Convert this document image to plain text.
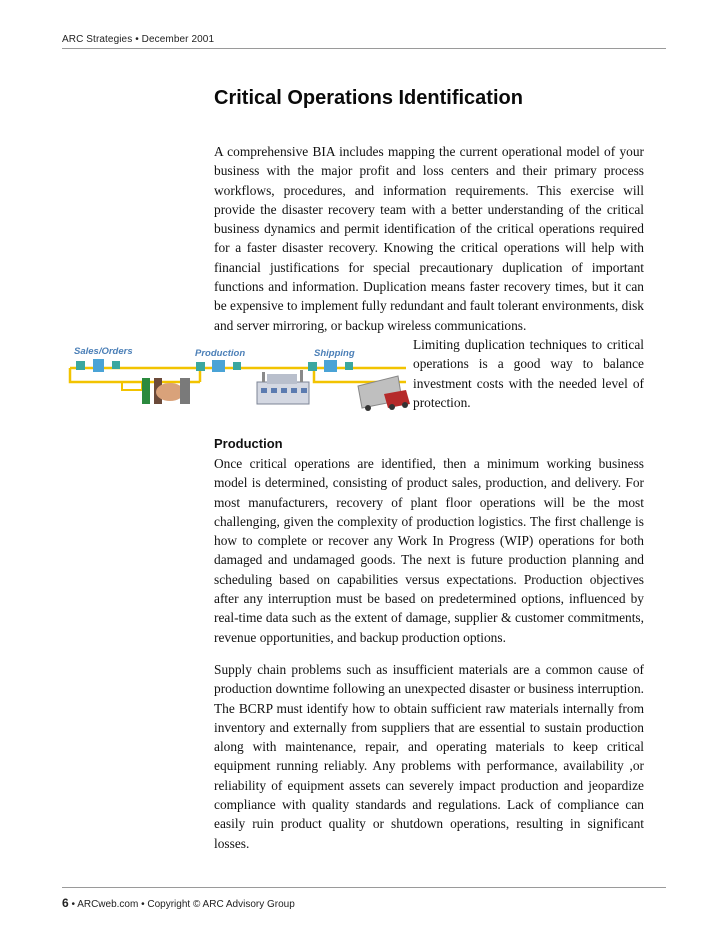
ARC Strategies • December 2001
Critical Operations Identification

A comprehensive BIA includes mapping the current operational model of your business with the major profit and loss centers and their primary process workflows, procedures, and information requirements. This exercise will provide the disaster recovery team with a better understanding of the critical business dynamics and permit identification of the critical operations required for a faster disaster recovery. Knowing the critical operations will help with financial justifications for special precautionary duplication of important functions and information. Duplication means faster recovery times, but it can be expensive to implement fully redundant and fault tolerant environments, disk and server mirroring, or backup wireless communications.

Sales/Orders	Production	Shipping

Limiting duplication techniques to critical operations is a good way to balance investment costs with the needed level of protection.

Production

Once critical operations are identified, then a minimum working business model is determined, consisting of product sales, production, and delivery. For most manufacturers, recovery of plant floor operations will be the most challenging, given the complexity of production logistics. The first challenge is how to complete or recover any Work In Progress (WIP) operations for both damaged and undamaged goods. The next is future production planning and scheduling based on capabilities versus expectations. Production objectives after any interruption must be based on predetermined options, influenced by real-time data such as the extent of damage, supplier & customer commitments, revenue opportunities, and backup production options.

Supply chain problems such as insufficient materials are a common cause of production downtime following an unexpected disaster or business interruption. The BCRP must identify how to obtain sufficient raw materials internally from inventory and externally from suppliers that are essential to sustain production along with maintenance, repair, and operating materials to keep critical equipment running reliably. Any problems with performance, availability ,or reliability of equipment assets can severely impact production and jeopardize compliance with quality standards and regulations. Lack of compliance can easily ruin product quality or shutdown operations, resulting in significant losses.

6 • ARCweb.com • Copyright © ARC Advisory Group
